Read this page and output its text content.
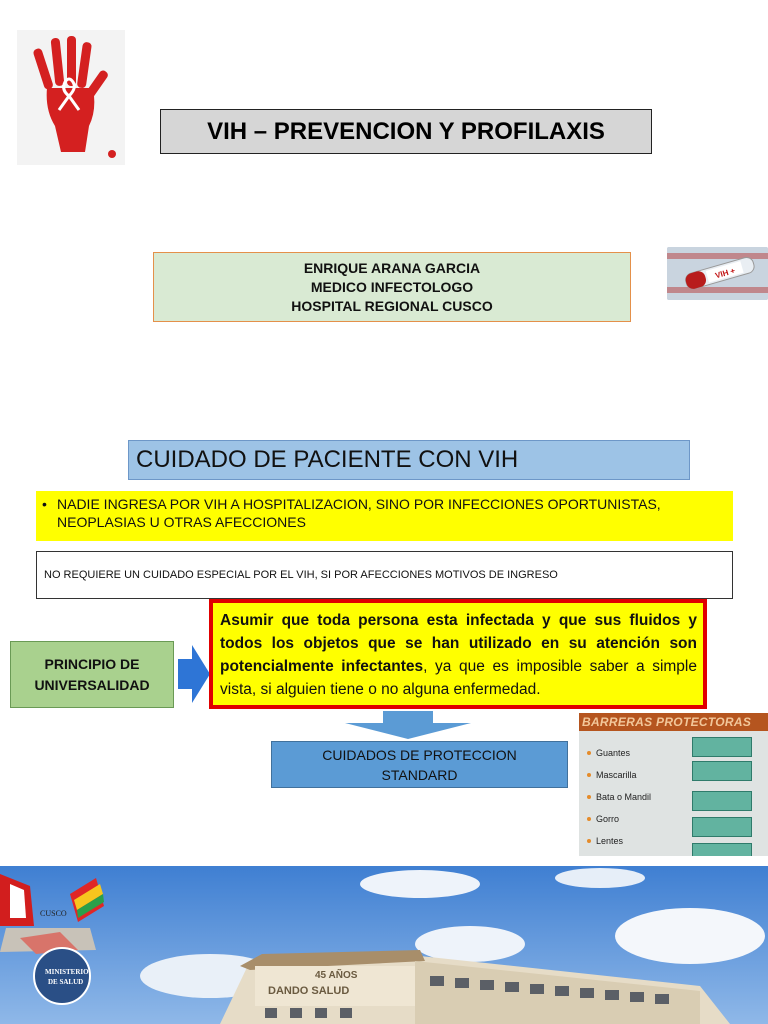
VIH – PREVENCION Y PROFILAXIS
ENRIQUE ARANA GARCIA
MEDICO INFECTOLOGO
HOSPITAL REGIONAL CUSCO
VIH +
CUIDADO DE PACIENTE CON VIH
• NADIE INGRESA POR VIH A HOSPITALIZACION, SINO POR INFECCIONES OPORTUNISTAS, NEOPLASIAS U OTRAS AFECCIONES
NO REQUIERE UN CUIDADO ESPECIAL POR EL VIH, SI POR AFECCIONES MOTIVOS DE INGRESO
PRINCIPIO DE
UNIVERSALIDAD
Asumir que toda persona esta infectada y que sus fluidos y todos los objetos que se han utilizado en su atención son potencialmente infectantes, ya que es imposible saber a simple vista, si alguien tiene o no alguna enfermedad.
CUIDADOS DE PROTECCION
STANDARD
BARRERAS PROTECTORAS
Guantes
Mascarilla
Bata o Mandil
Gorro
Lentes
45 AÑOS
DANDO SALUD
CUSCO
MINISTERIO
DE SALUD
